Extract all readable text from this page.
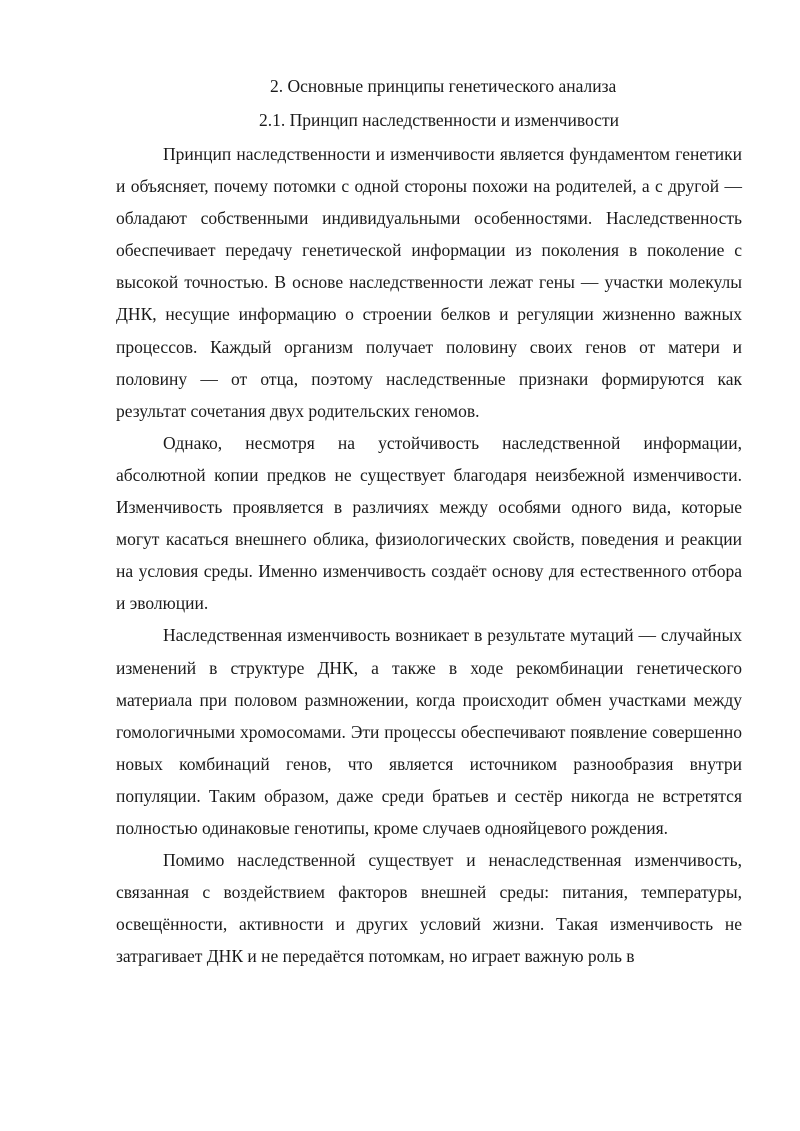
2. Основные принципы генетического анализа
2.1. Принцип наследственности и изменчивости

Принцип наследственности и изменчивости является фундаментом генетики и объясняет, почему потомки с одной стороны похожи на родителей, а с другой — обладают собственными индивидуальными особенностями. Наследственность обеспечивает передачу генетической информации из поколения в поколение с высокой точностью. В основе наследственности лежат гены — участки молекулы ДНК, несущие информацию о строении белков и регуляции жизненно важных процессов. Каждый организм получает половину своих генов от матери и половину — от отца, поэтому наследственные признаки формируются как результат сочетания двух родительских геномов.

Однако, несмотря на устойчивость наследственной информации, абсолютной копии предков не существует благодаря неизбежной изменчивости. Изменчивость проявляется в различиях между особями одного вида, которые могут касаться внешнего облика, физиологических свойств, поведения и реакции на условия среды. Именно изменчивость создаёт основу для естественного отбора и эволюции.

Наследственная изменчивость возникает в результате мутаций — случайных изменений в структуре ДНК, а также в ходе рекомбинации генетического материала при половом размножении, когда происходит обмен участками между гомологичными хромосомами. Эти процессы обеспечивают появление совершенно новых комбинаций генов, что является источником разнообразия внутри популяции. Таким образом, даже среди братьев и сестёр никогда не встретятся полностью одинаковые генотипы, кроме случаев однояйцевого рождения.

Помимо наследственной существует и ненаследственная изменчивость, связанная с воздействием факторов внешней среды: питания, температуры, освещённости, активности и других условий жизни. Такая изменчивость не затрагивает ДНК и не передаётся потомкам, но играет важную роль в
